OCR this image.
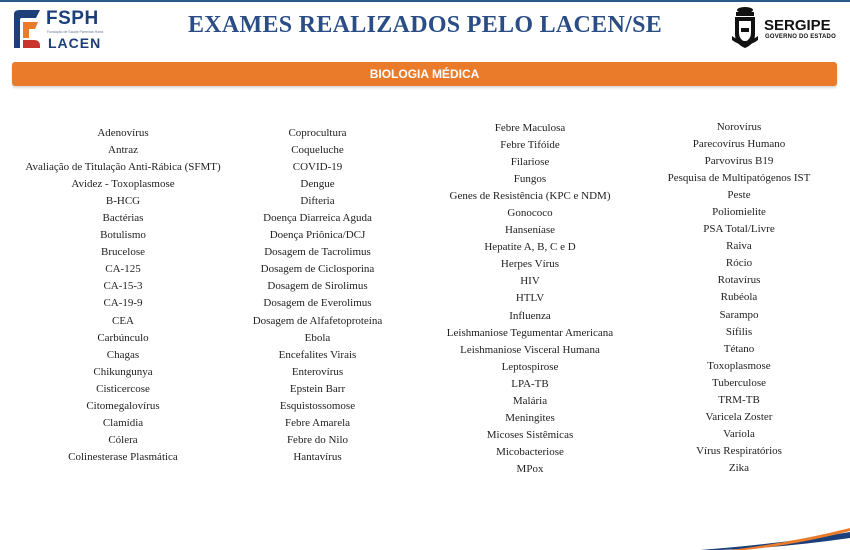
FSPH
Fundação de Saúde Parreiras Horta
LACEN
EXAMES REALIZADOS PELO LACEN/SE	SERGIPE
GOVERNO DO ESTADO
BIOLOGIA MÉDICA
Adenovírus
Antraz
Avaliação de Titulação Anti-Rábica (SFMT)
Avidez - Toxoplasmose
B-HCG
Bactérias
Botulismo
Brucelose
CA-125
CA-15-3
CA-19-9
CEA
Carbúnculo
Chagas
Chikungunya
Cisticercose
Citomegalovírus
Clamídia
Cólera
Colinesterase Plasmática
Coprocultura
Coqueluche
COVID-19
Dengue
Difteria
Doença Diarreica Aguda
Doença Priônica/DCJ
Dosagem de Tacrolimus
Dosagem de Ciclosporina
Dosagem de Sirolimus
Dosagem de Everolimus
Dosagem de Alfafetoproteína
Ebola
Encefalites Virais
Enterovírus
Epstein Barr
Esquistossomose
Febre Amarela
Febre do Nilo
Hantavírus
Febre Maculosa
Febre Tifóide
Filariose
Fungos
Genes de Resistência (KPC e NDM)
Gonococo
Hanseníase
Hepatite A, B, C e D
Herpes Vírus
HIV
HTLV
Influenza
Leishmaniose Tegumentar Americana
Leishmaniose Visceral Humana
Leptospirose
LPA-TB
Malária
Meningites
Micoses Sistêmicas
Micobacteriose
MPox
Norovírus
Parecovírus Humano
Parvovírus B19
Pesquisa de Multipatógenos IST
Peste
Poliomielite
PSA Total/Livre
Raiva
Rócio
Rotavírus
Rubéola
Sarampo
Sífilis
Tétano
Toxoplasmose
Tuberculose
TRM-TB
Varicela Zoster
Varíola
Vírus Respiratórios
Zika
